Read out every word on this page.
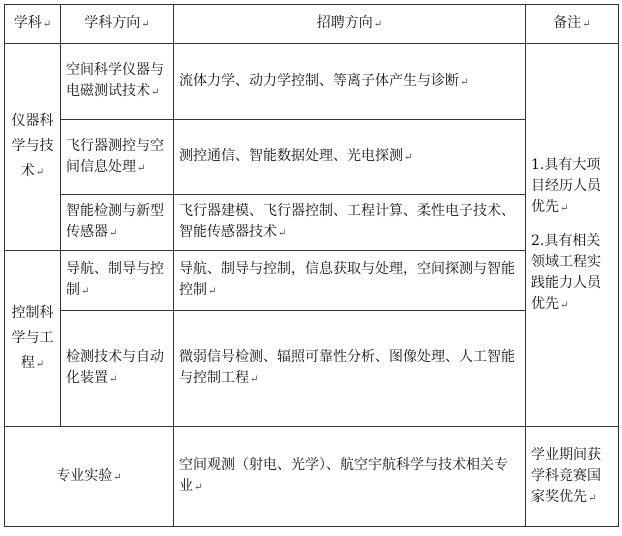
学科 ↵	学科方向 ↵	招聘方向 ↵	备注 ↵
仪器科学与技术 ↵	空间科学仪器与电磁测试技术 ↵	流体力学、动力学控制、等离子体产生与诊断 ↵	1.具有大项目经历人员优先 ↵
2.具有相关领域工程实践能力人员优先 ↵

	飞行器测控与空间信息处理 ↵	测控通信、智能数据处理、光电探测 ↵
	智能检测与新型传感器 ↵	飞行器建模、飞行器控制、工程计算、柔性电子技术、智能传感器技术 ↵
控制科学与工程 ↵	导航、制导与控制 ↵	导航、制导与控制，信息获取与处理，空间探测与智能控制 ↵
	检测技术与自动化装置 ↵	微弱信号检测、辐照可靠性分析、图像处理、人工智能与控制工程 ↵
专业实验 ↵		空间观测（射电、光学）、航空宇航科学与技术相关专业 ↵	学业期间获学科竞赛国家奖优先 ↵
